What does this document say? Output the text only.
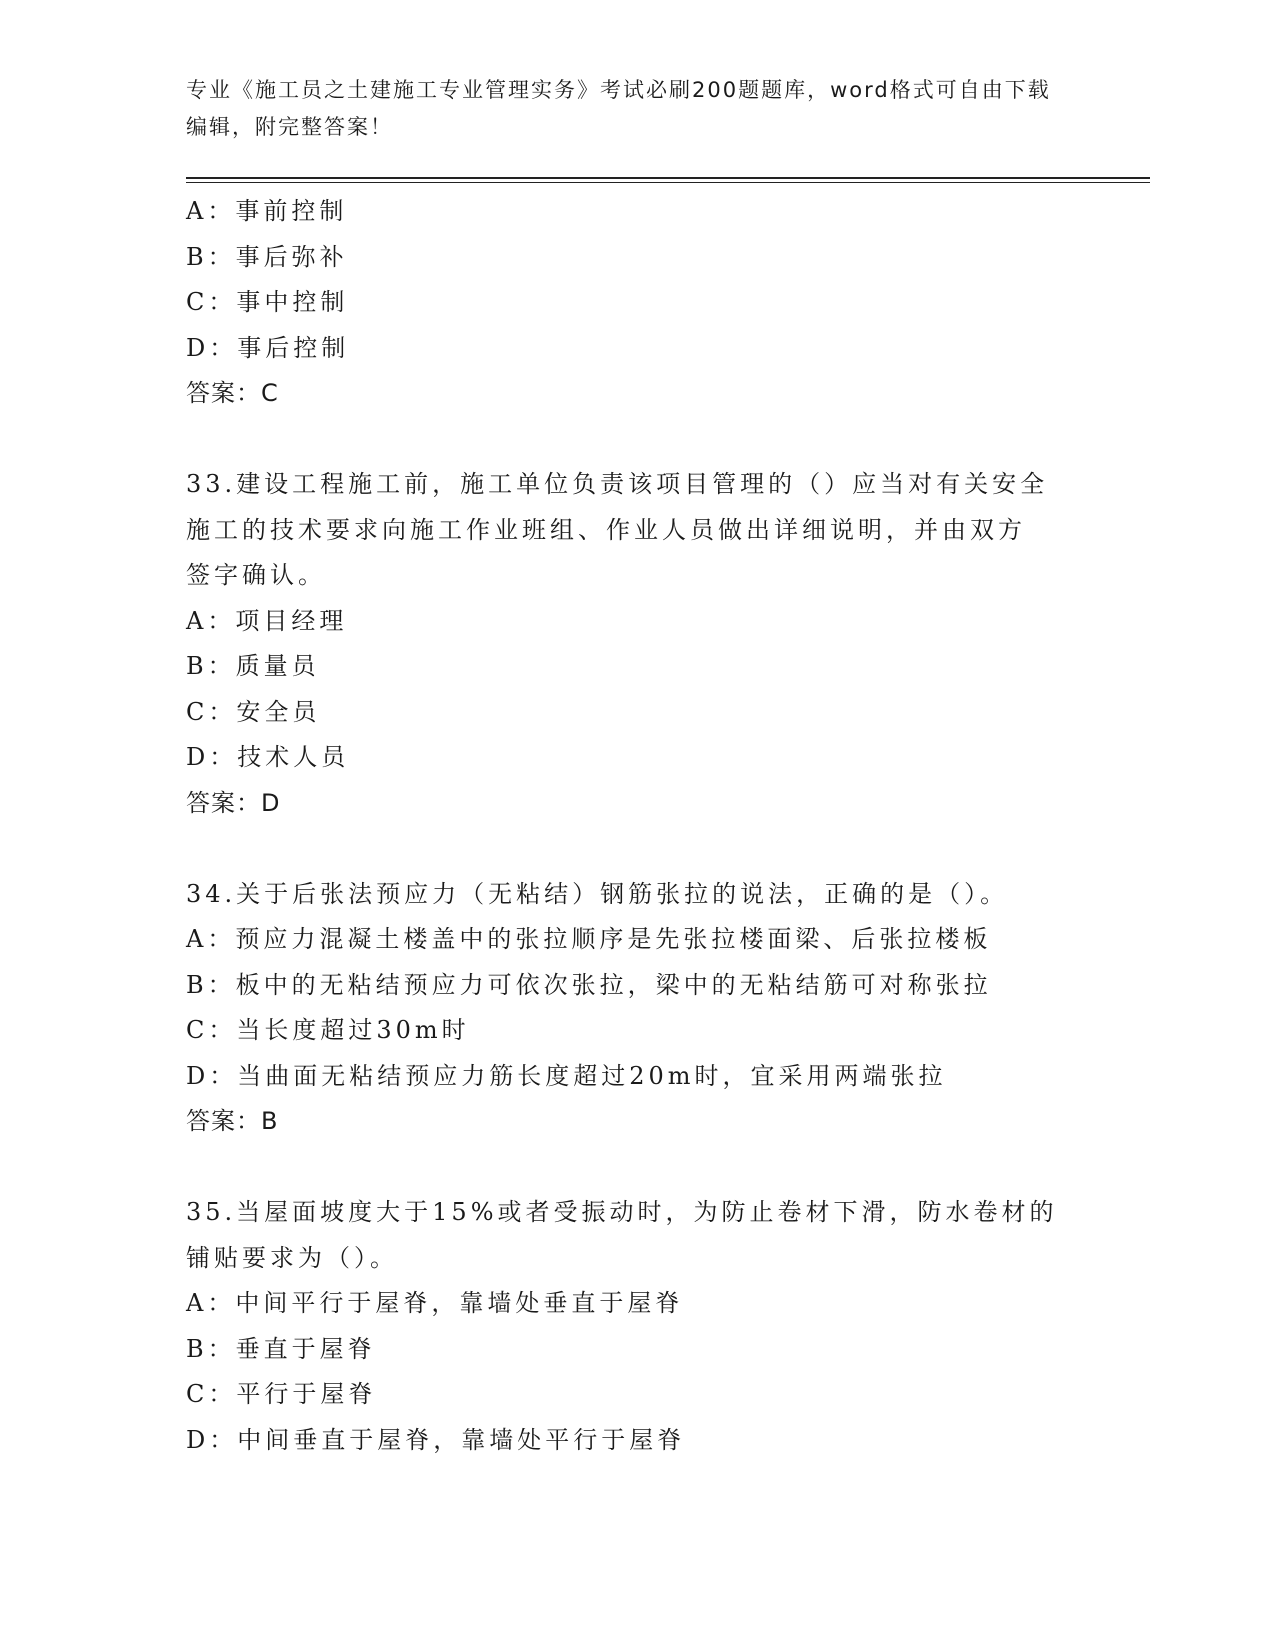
专业《施工员之土建施工专业管理实务》考试必刷200题题库，word格式可自由下载编辑，附完整答案！
A：事前控制
B：事后弥补
C：事中控制
D：事后控制
答案：C
33.建设工程施工前，施工单位负责该项目管理的（）应当对有关安全
施工的技术要求向施工作业班组、作业人员做出详细说明，并由双方
签字确认。
A：项目经理
B：质量员
C：安全员
D：技术人员
答案：D
34.关于后张法预应力（无粘结）钢筋张拉的说法，正确的是（）。
A：预应力混凝土楼盖中的张拉顺序是先张拉楼面梁、后张拉楼板
B：板中的无粘结预应力可依次张拉，梁中的无粘结筋可对称张拉
C：当长度超过30m时
D：当曲面无粘结预应力筋长度超过20m时，宜采用两端张拉
答案：B
35.当屋面坡度大于15%或者受振动时，为防止卷材下滑，防水卷材的
铺贴要求为（）。
A：中间平行于屋脊，靠墙处垂直于屋脊
B：垂直于屋脊
C：平行于屋脊
D：中间垂直于屋脊，靠墙处平行于屋脊
